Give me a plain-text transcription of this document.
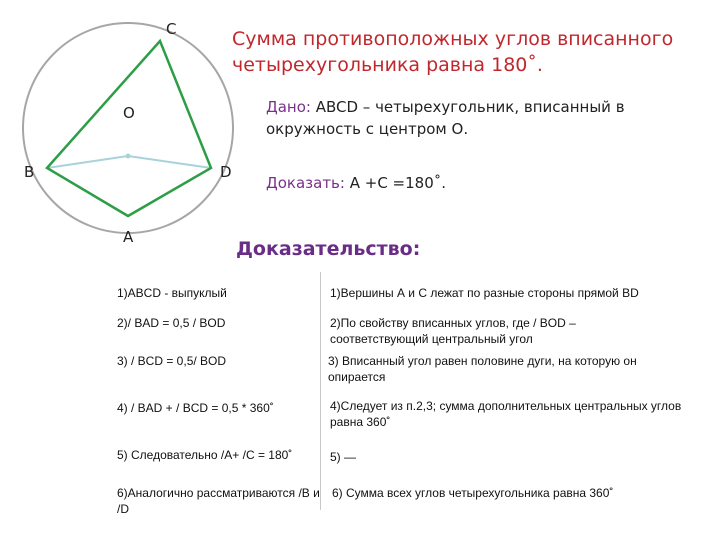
C
O
B	D
A
Сумма противоположных углов вписанного четырехугольника равна 180˚.
Дано: ABCD – четырехугольник, вписанный в окружность с центром О.
Доказать: А +С =180˚.
Доказательство:
1)ABCD - выпуклый	1)Вершины А и С лежат по разные стороны прямой BD
2)/ BAD = 0,5 / BOD	2)По свойству вписанных углов, где / BOD – соответствующий центральный угол
3) / BCD = 0,5/ BOD	3) Вписанный угол равен половине дуги, на которую он опирается
4) / BAD + / BCD = 0,5 * 360˚	4)Следует из п.2,3; сумма дополнительных центральных углов равна 360˚
5) Следовательно /А+ /С = 180˚	5) —
6)Аналогично рассматриваются /В и /D
6) Сумма всех углов четырехугольника равна 360˚
